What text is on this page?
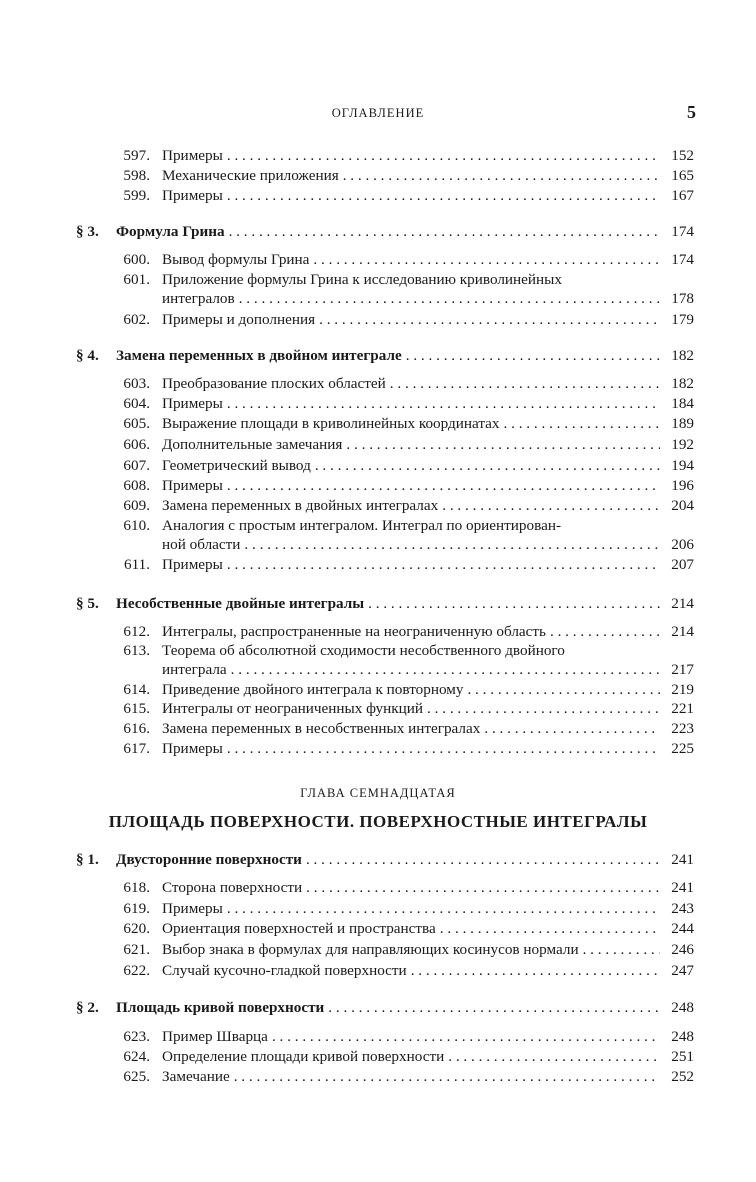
ОГЛАВЛЕНИЕ	5
597. Примеры . . .	152
598. Механические приложения . . .	165
599. Примеры . . .	167
§ 3. Формула Грина . . .	174
600. Вывод формулы Грина . . .	174
601. Приложение формулы Грина к исследованию криволинейных
интегралов . . .	178
602. Примеры и дополнения . . .	179
§ 4. Замена переменных в двойном интеграле . . .	182
603. Преобразование плоских областей . . .	182
604. Примеры . . .	184
605. Выражение площади в криволинейных координатах . . .	189
606. Дополнительные замечания . . .	192
607. Геометрический вывод . . .	194
608. Примеры . . .	196
609. Замена переменных в двойных интегралах . . .	204
610. Аналогия с простым интегралом. Интеграл по ориентирован-
ной области . . .	206
611. Примеры . . .	207
§ 5. Несобственные двойные интегралы . . .	214
612. Интегралы, распространенные на неограниченную область . . .	214
613. Теорема об абсолютной сходимости несобственного двойного
интеграла . . .	217
614. Приведение двойного интеграла к повторному . . .	219
615. Интегралы от неограниченных функций . . .	221
616. Замена переменных в несобственных интегралах . . .	223
617. Примеры . . .	225
ГЛАВА СЕМНАДЦАТАЯ
ПЛОЩАДЬ ПОВЕРХНОСТИ. ПОВЕРХНОСТНЫЕ ИНТЕГРАЛЫ
§ 1. Двусторонние поверхности . . .	241
618. Сторона поверхности . . .	241
619. Примеры . . .	243
620. Ориентация поверхностей и пространства . . .	244
621. Выбор знака в формулах для направляющих косинусов нормали . . .	246
622. Случай кусочно-гладкой поверхности . . .	247
§ 2. Площадь кривой поверхности . . .	248
623. Пример Шварца . . .	248
624. Определение площади кривой поверхности . . .	251
625. Замечание . . .	252
